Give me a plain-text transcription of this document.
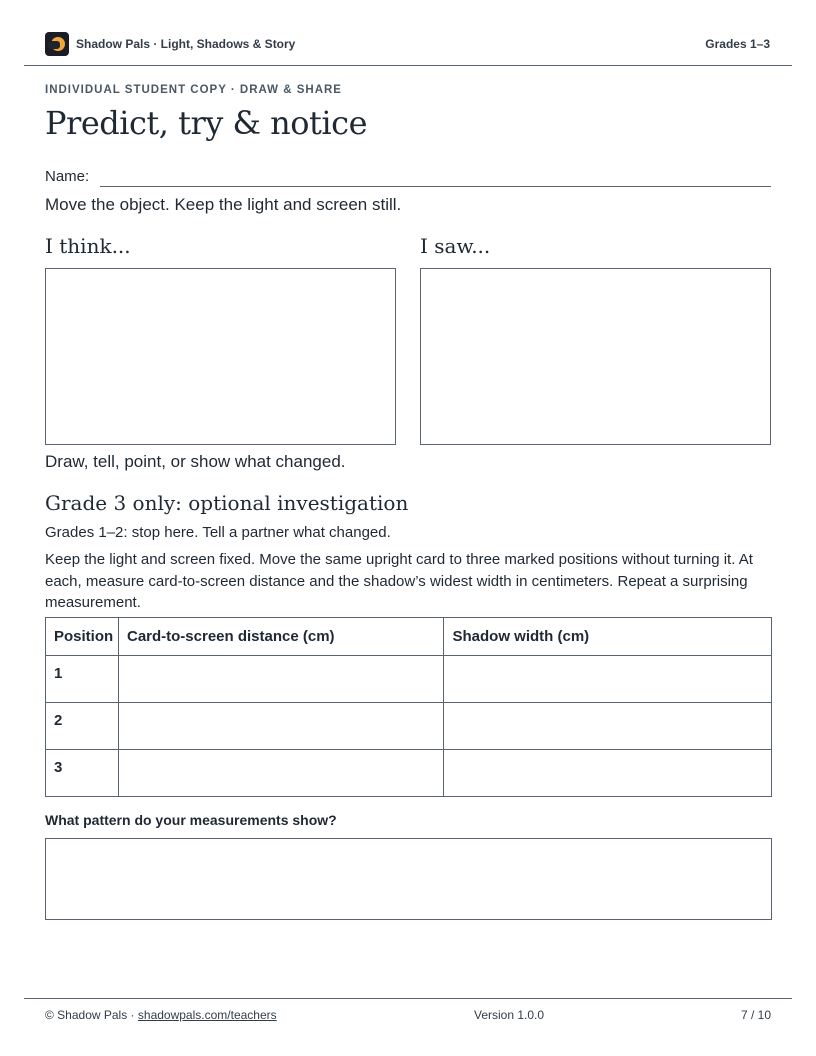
Shadow Pals · Light, Shadows & Story	Grades 1–3
INDIVIDUAL STUDENT COPY · DRAW & SHARE
Predict, try & notice
Name:
Move the object. Keep the light and screen still.
I think...	I saw...
Draw, tell, point, or show what changed.
Grade 3 only: optional investigation
Grades 1–2: stop here. Tell a partner what changed.

Keep the light and screen fixed. Move the same upright card to three marked positions without turning it. At each, measure card-to-screen distance and the shadow’s widest width in centimeters. Repeat a surprising measurement.

Position	Card-to-screen distance (cm)	Shadow width (cm)
1		
2		
3		
What pattern do your measurements show?
© Shadow Pals · shadowpals.com/teachers	Version 1.0.0	7 / 10
